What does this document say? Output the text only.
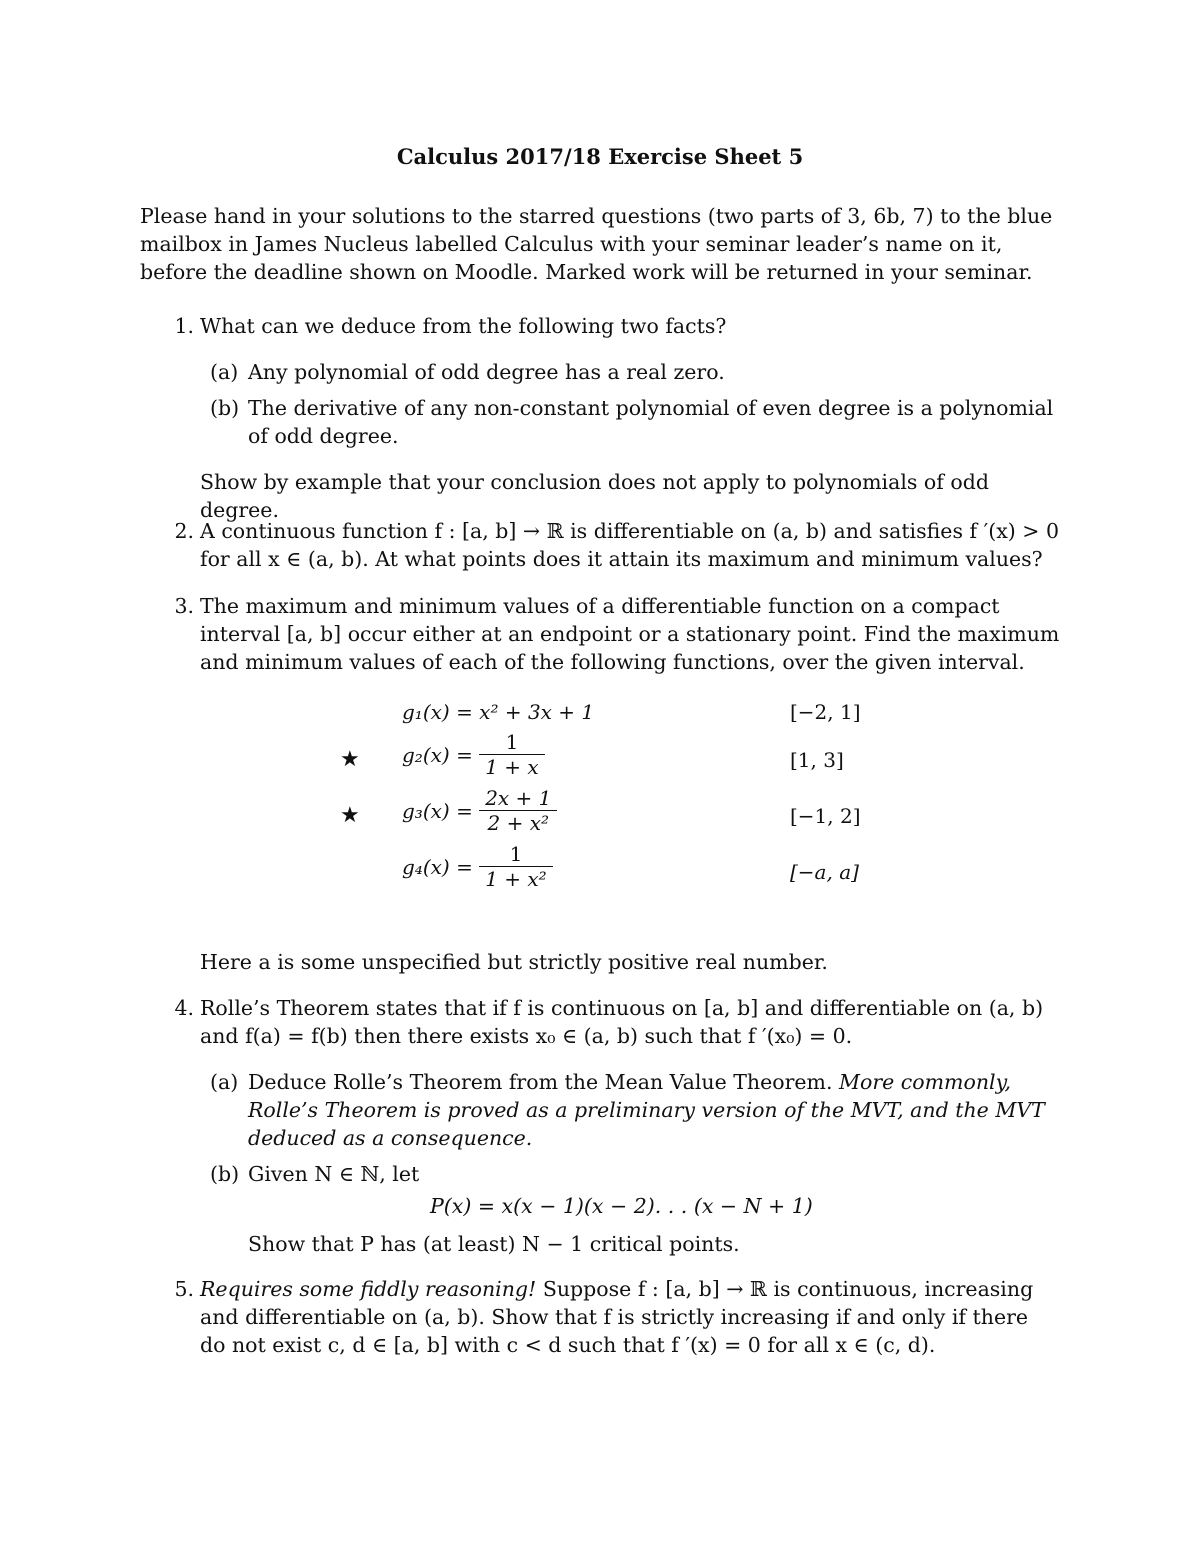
Calculus 2017/18 Exercise Sheet 5
Please hand in your solutions to the starred questions (two parts of 3, 6b, 7) to the blue mailbox in James Nucleus labelled Calculus with your seminar leader’s name on it, before the deadline shown on Moodle. Marked work will be returned in your seminar.
1. What can we deduce from the following two facts?
(a) Any polynomial of odd degree has a real zero.
(b) The derivative of any non-constant polynomial of even degree is a polynomial of odd degree.
Show by example that your conclusion does not apply to polynomials of odd degree.
2. A continuous function f : [a, b] → ℝ is differentiable on (a, b) and satisfies f ′(x) > 0 for all x ∈ (a, b). At what points does it attain its maximum and minimum values?
3. The maximum and minimum values of a differentiable function on a compact interval [a, b] occur either at an endpoint or a stationary point. Find the maximum and minimum values of each of the following functions, over the given interval.
g₁(x) = x² + 3x + 1	[−2, 1]
★ $g_2(x) = \frac{1}{1 + x}$	[1, 3]
★ $g_3(x) = \frac{2x + 1}{\text{2 + x²}}$	[−1, 2]
$g_4(x) = \frac{1}{\text{1 + x²}}$	[−a, a]
Here a is some unspecified but strictly positive real number.
4. Rolle’s Theorem states that if f is continuous on [a, b] and differentiable on (a, b) and f(a) = f(b) then there exists x₀ ∈ (a, b) such that f ′(x₀) = 0.
(a) Deduce Rolle’s Theorem from the Mean Value Theorem. More commonly, Rolle’s Theorem is proved as a preliminary version of the MVT, and the MVT deduced as a consequence.
(b) Given N ∈ ℕ, let
P(x) = x(x − 1)(x − 2). . . (x − N + 1)
Show that P has (at least) N − 1 critical points.
5. Requires some fiddly reasoning! Suppose f : [a, b] → ℝ is continuous, increasing and differentiable on (a, b). Show that f is strictly increasing if and only if there do not exist c, d ∈ [a, b] with c < d such that f ′(x) = 0 for all x ∈ (c, d).
